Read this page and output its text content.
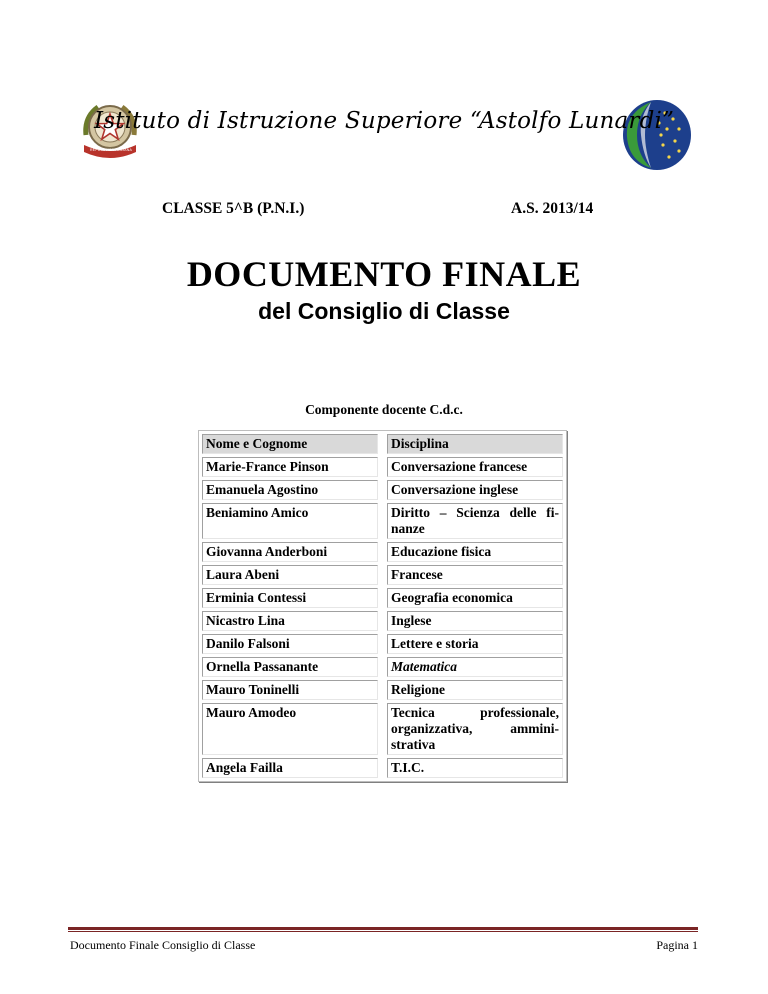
REPUBBLICA ITALIANA
Istituto di Istruzione Superiore “Astolfo Lunardi”
CLASSE 5^B (P.N.I.)	A.S. 2013/14
DOCUMENTO FINALE
del Consiglio di Classe
Componente docente C.d.c.
Nome e Cognome		Disciplina
Marie-France Pinson		Conversazione francese
Emanuela Agostino		Conversazione inglese
Beniamino Amico		Diritto – Scienza delle fi-nanze
Giovanna Anderboni		Educazione fisica
Laura Abeni		Francese
Erminia Contessi		Geografia economica
Nicastro Lina		Inglese
Danilo Falsoni		Lettere e storia
Ornella Passanante		Matematica
Mauro Toninelli		Religione
Mauro Amodeo		Tecnica professionale, organizzativa, ammini-strativa
Angela Failla		T.I.C.
Documento Finale Consiglio di Classe	Pagina 1
